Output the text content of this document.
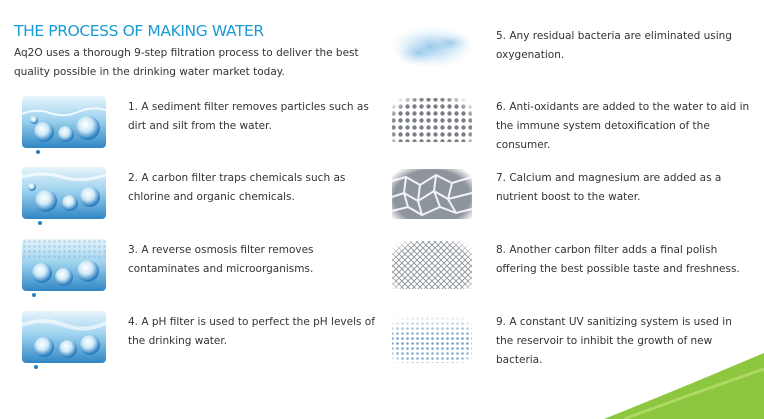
THE PROCESS OF MAKING WATER
Aq2O uses a thorough 9-step filtration process to deliver the best quality possible in the drinking water market today.
1. A sediment filter removes particles such as dirt and silt from the water.
2. A carbon filter traps chemicals such as chlorine and organic chemicals.
3. A reverse osmosis filter removes contaminates and microorganisms.
4. A pH filter is used to perfect the pH levels of the drinking water.
5. Any residual bacteria are eliminated using oxygenation.
6. Anti-oxidants are added to the water to aid in the immune system detoxification of the consumer.
7. Calcium and magnesium are added as a nutrient boost to the water.
8. Another carbon filter adds a final polish offering the best possible taste and freshness.
9. A constant UV sanitizing system is used in the reservoir to inhibit the growth of new bacteria.
